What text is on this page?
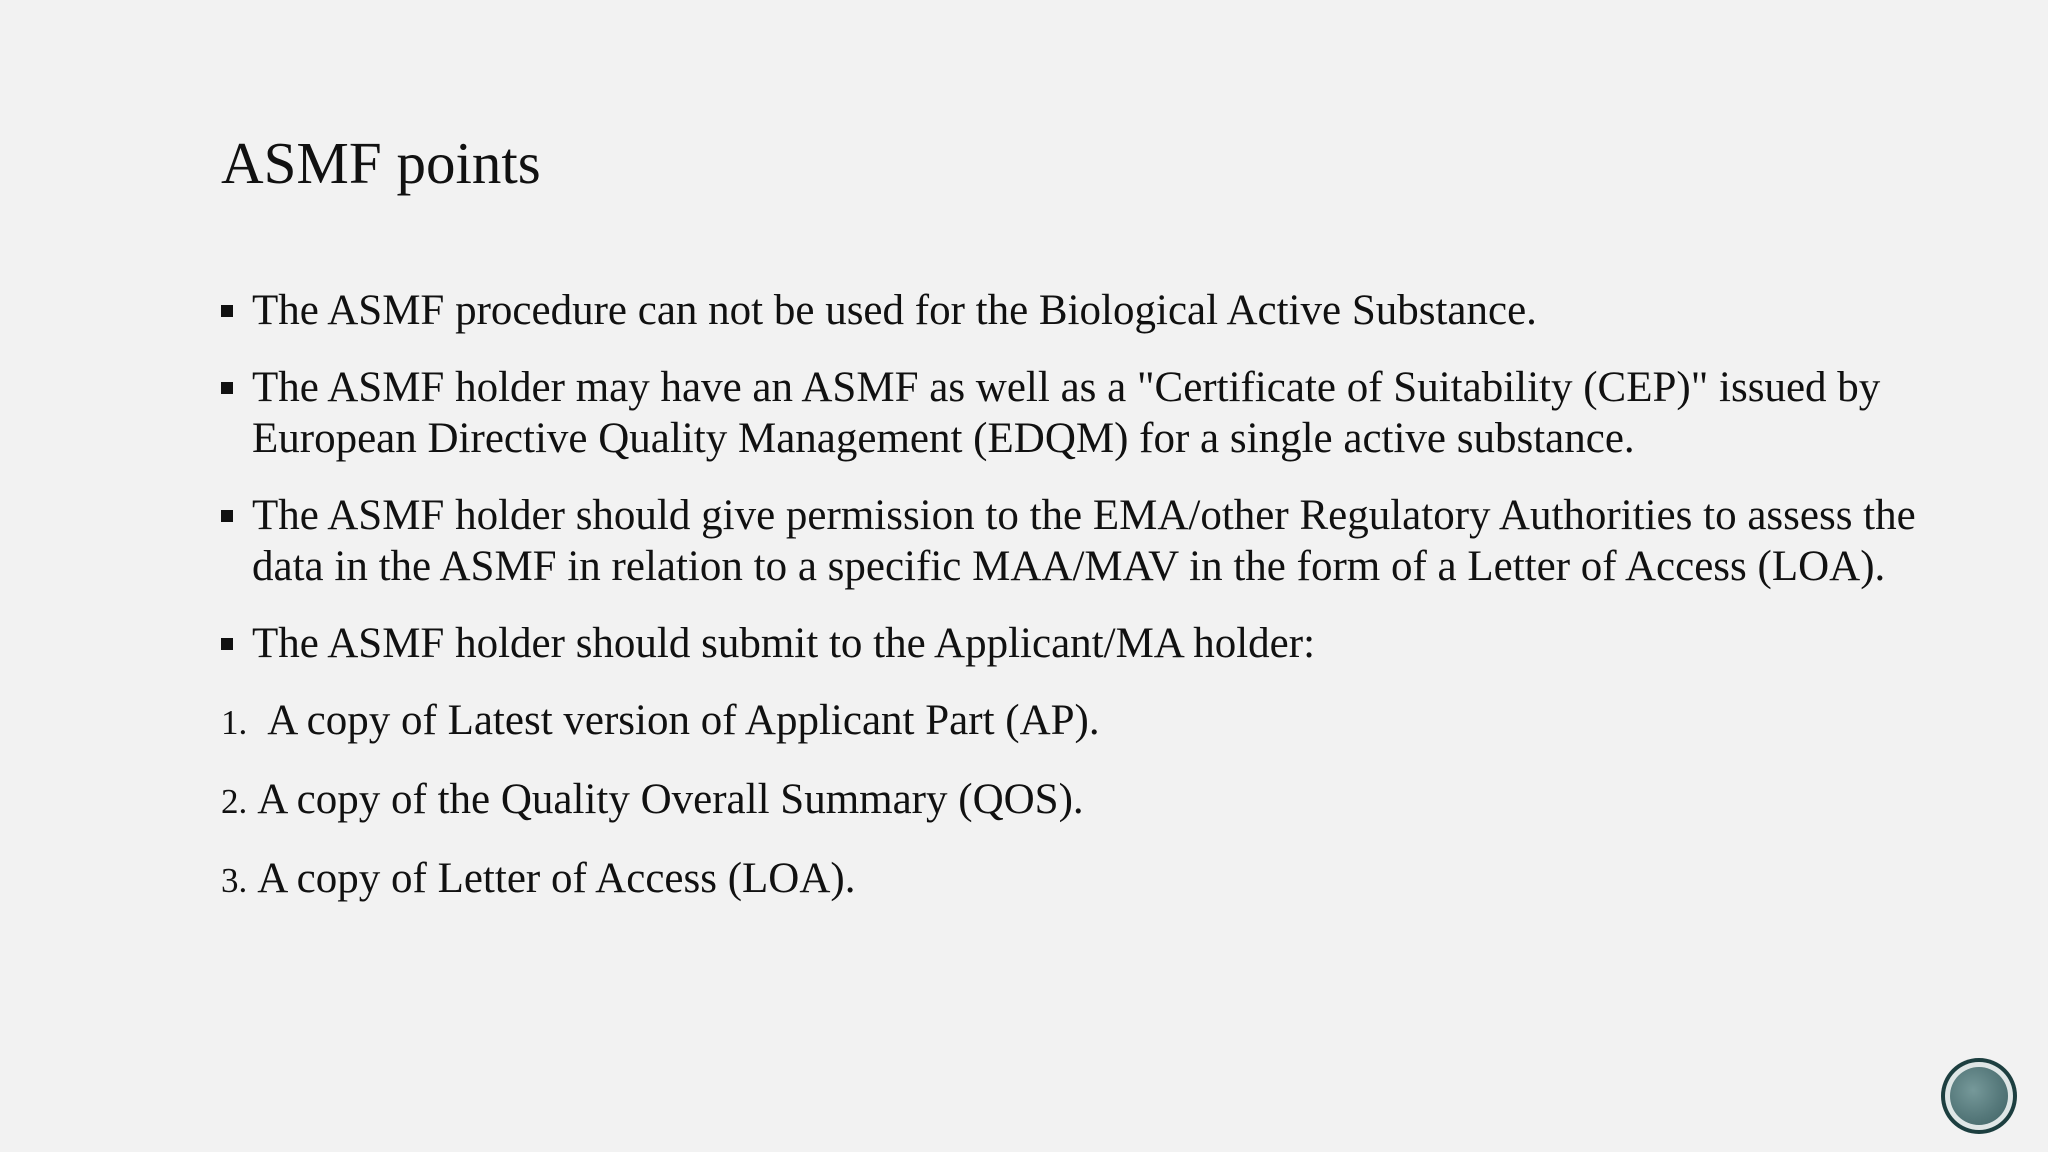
ASMF points
The ASMF procedure can not be used for the Biological Active Substance.
The ASMF holder may have an ASMF as well as a "Certificate of Suitability (CEP)" issued by European Directive Quality Management (EDQM) for a single active substance.
The ASMF holder should give permission to the EMA/other Regulatory Authorities to assess the data in the ASMF in relation to a specific MAA/MAV in the form of a Letter of Access (LOA).
The ASMF holder should submit to the Applicant/MA holder:
1. A copy of Latest version of Applicant Part (AP).
2. A copy of the Quality Overall Summary (QOS).
3. A copy of Letter of Access (LOA).
